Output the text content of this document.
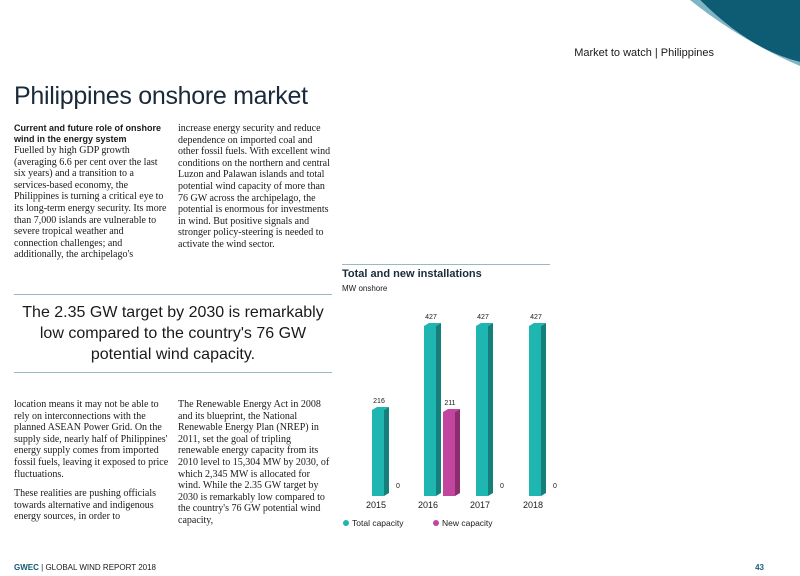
Market to watch | Philippines
Philippines onshore market
Current and future role of onshore wind in the energy system

Fuelled by high GDP growth (averaging 6.6 per cent over the last six years) and a transition to a services-based economy, the Philippines is turning a critical eye to its long-term energy security. Its more than 7,000 islands are vulnerable to severe tropical weather and connection challenges; and additionally, the archipelago's

increase energy security and reduce dependence on imported coal and other fossil fuels. With excellent wind conditions on the northern and central Luzon and Palawan islands and total potential wind capacity of more than 76 GW across the archipelago, the potential is enormous for investments in wind. But positive signals and stronger policy-steering is needed to activate the wind sector.

The 2.35 GW target by 2030 is remarkably low compared to the country's 76 GW potential wind capacity.

location means it may not be able to rely on interconnections with the planned ASEAN Power Grid. On the supply side, nearly half of Philippines' energy supply comes from imported fossil fuels, leaving it exposed to price fluctuations.

These realities are pushing officials towards alternative and indigenous energy sources, in order to

The Renewable Energy Act in 2008 and its blueprint, the National Renewable Energy Plan (NREP) in 2011, set the goal of tripling renewable energy capacity from its 2010 level to 15,304 MW by 2030, of which 2,345 MW is allocated for wind. While the 2.35 GW target by 2030 is remarkably low compared to the country's 76 GW potential wind capacity,

Total and new installations
MW onshore
216
0
2015
427
211
2016
427
0
2017
427
0
2018
Total capacity	New capacity
GWEC | GLOBAL WIND REPORT 2018	43
